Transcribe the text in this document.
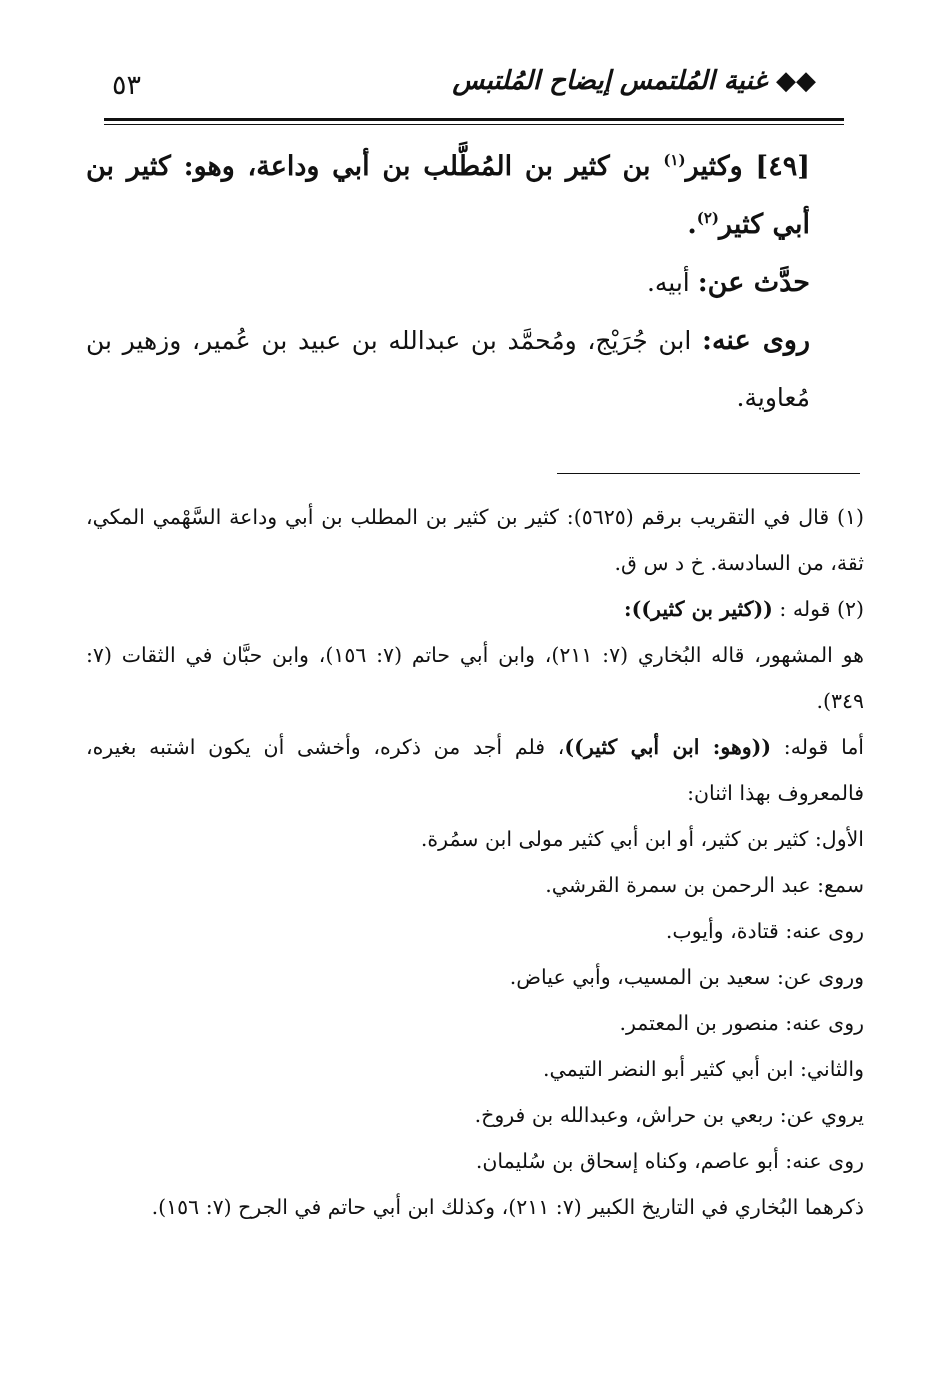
٥٣	◆◆ غنية المُلتمس إيضاح المُلتبس

[٤٩] وكثير$^{(١)}$ بن كثير بن المُطَّلب بن أبي وداعة، وهو: كثير بن أبي كثير$^{(٢)}$.

حدَّث عن: أبيه.

روى عنه: ابن جُرَيْج، ومُحمَّد بن عبدالله بن عبيد بن عُمير، وزهير بن مُعاوية.

(١) قال في التقريب برقم (٥٦٢٥): كثير بن كثير بن المطلب بن أبي وداعة السَّهْمي المكي، ثقة، من السادسة. خ د س ق.

(٢) قوله : ((كثير بن كثير)):

هو المشهور، قاله البُخاري (٧: ٢١١)، وابن أبي حاتم (٧: ١٥٦)، وابن حبَّان في الثقات (٧: ٣٤٩).

أما قوله: ((وهو: ابن أبي كثير))، فلم أجد من ذكره، وأخشى أن يكون اشتبه بغيره، فالمعروف بهذا اثنان:

الأول: كثير بن كثير، أو ابن أبي كثير مولى ابن سمُرة.

سمع: عبد الرحمن بن سمرة القرشي.

روى عنه: قتادة، وأيوب.

وروى عن: سعيد بن المسيب، وأبي عياض.

روى عنه: منصور بن المعتمر.

والثاني: ابن أبي كثير أبو النضر التيمي.

يروي عن: ربعي بن حراش، وعبدالله بن فروخ.

روى عنه: أبو عاصم، وكناه إسحاق بن سُليمان.

ذكرهما البُخاري في التاريخ الكبير (٧: ٢١١)، وكذلك ابن أبي حاتم في الجرح (٧: ١٥٦).
